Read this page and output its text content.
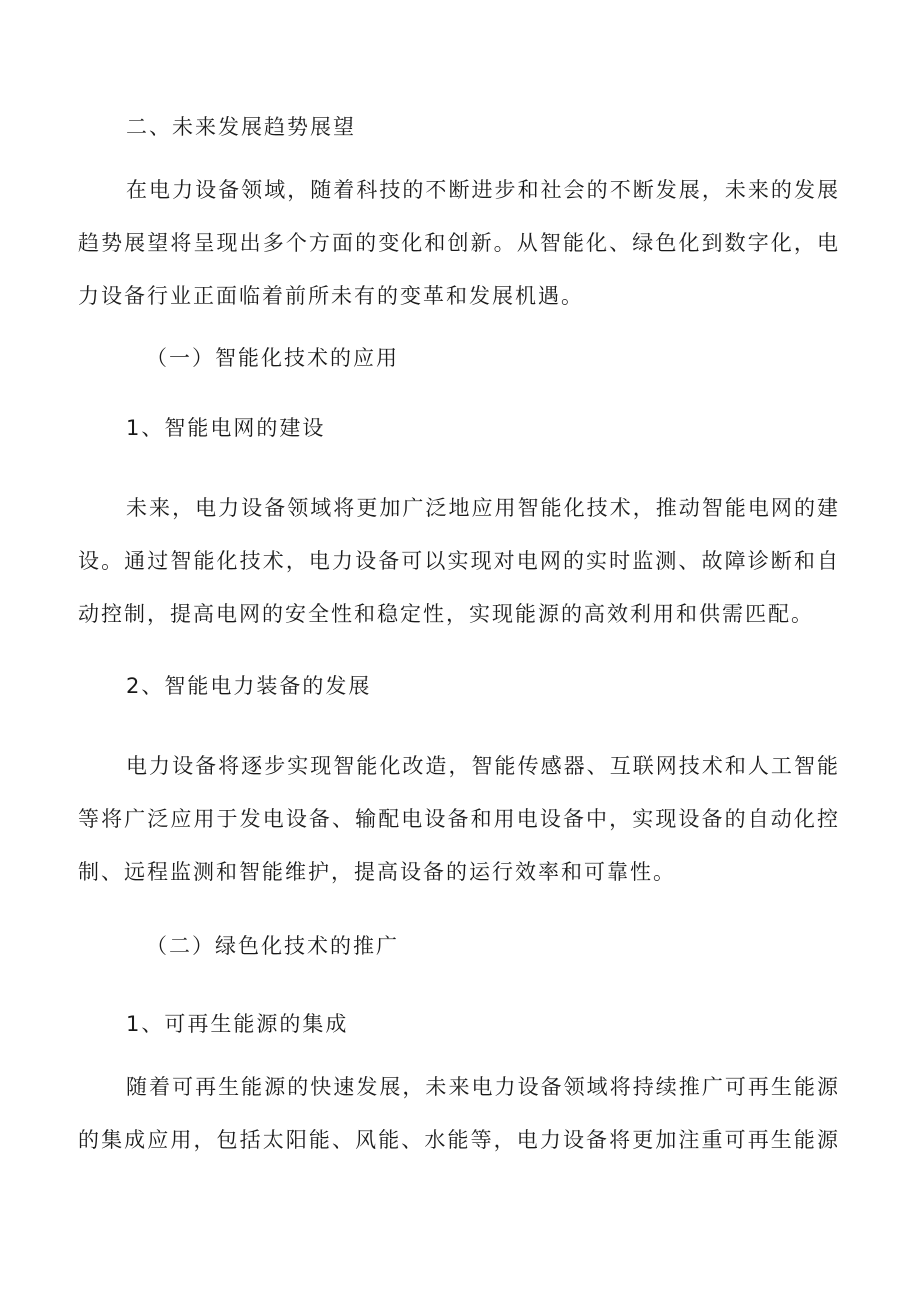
二、未来发展趋势展望
在电力设备领域，随着科技的不断进步和社会的不断发展，未来的发展
趋势展望将呈现出多个方面的变化和创新。从智能化、绿色化到数字化，电
力设备行业正面临着前所未有的变革和发展机遇。
（一）智能化技术的应用
1、智能电网的建设
未来，电力设备领域将更加广泛地应用智能化技术，推动智能电网的建
设。通过智能化技术，电力设备可以实现对电网的实时监测、故障诊断和自
动控制，提高电网的安全性和稳定性，实现能源的高效利用和供需匹配。
2、智能电力装备的发展
电力设备将逐步实现智能化改造，智能传感器、互联网技术和人工智能
等将广泛应用于发电设备、输配电设备和用电设备中，实现设备的自动化控
制、远程监测和智能维护，提高设备的运行效率和可靠性。
（二）绿色化技术的推广
1、可再生能源的集成
随着可再生能源的快速发展，未来电力设备领域将持续推广可再生能源
的集成应用，包括太阳能、风能、水能等，电力设备将更加注重可再生能源
